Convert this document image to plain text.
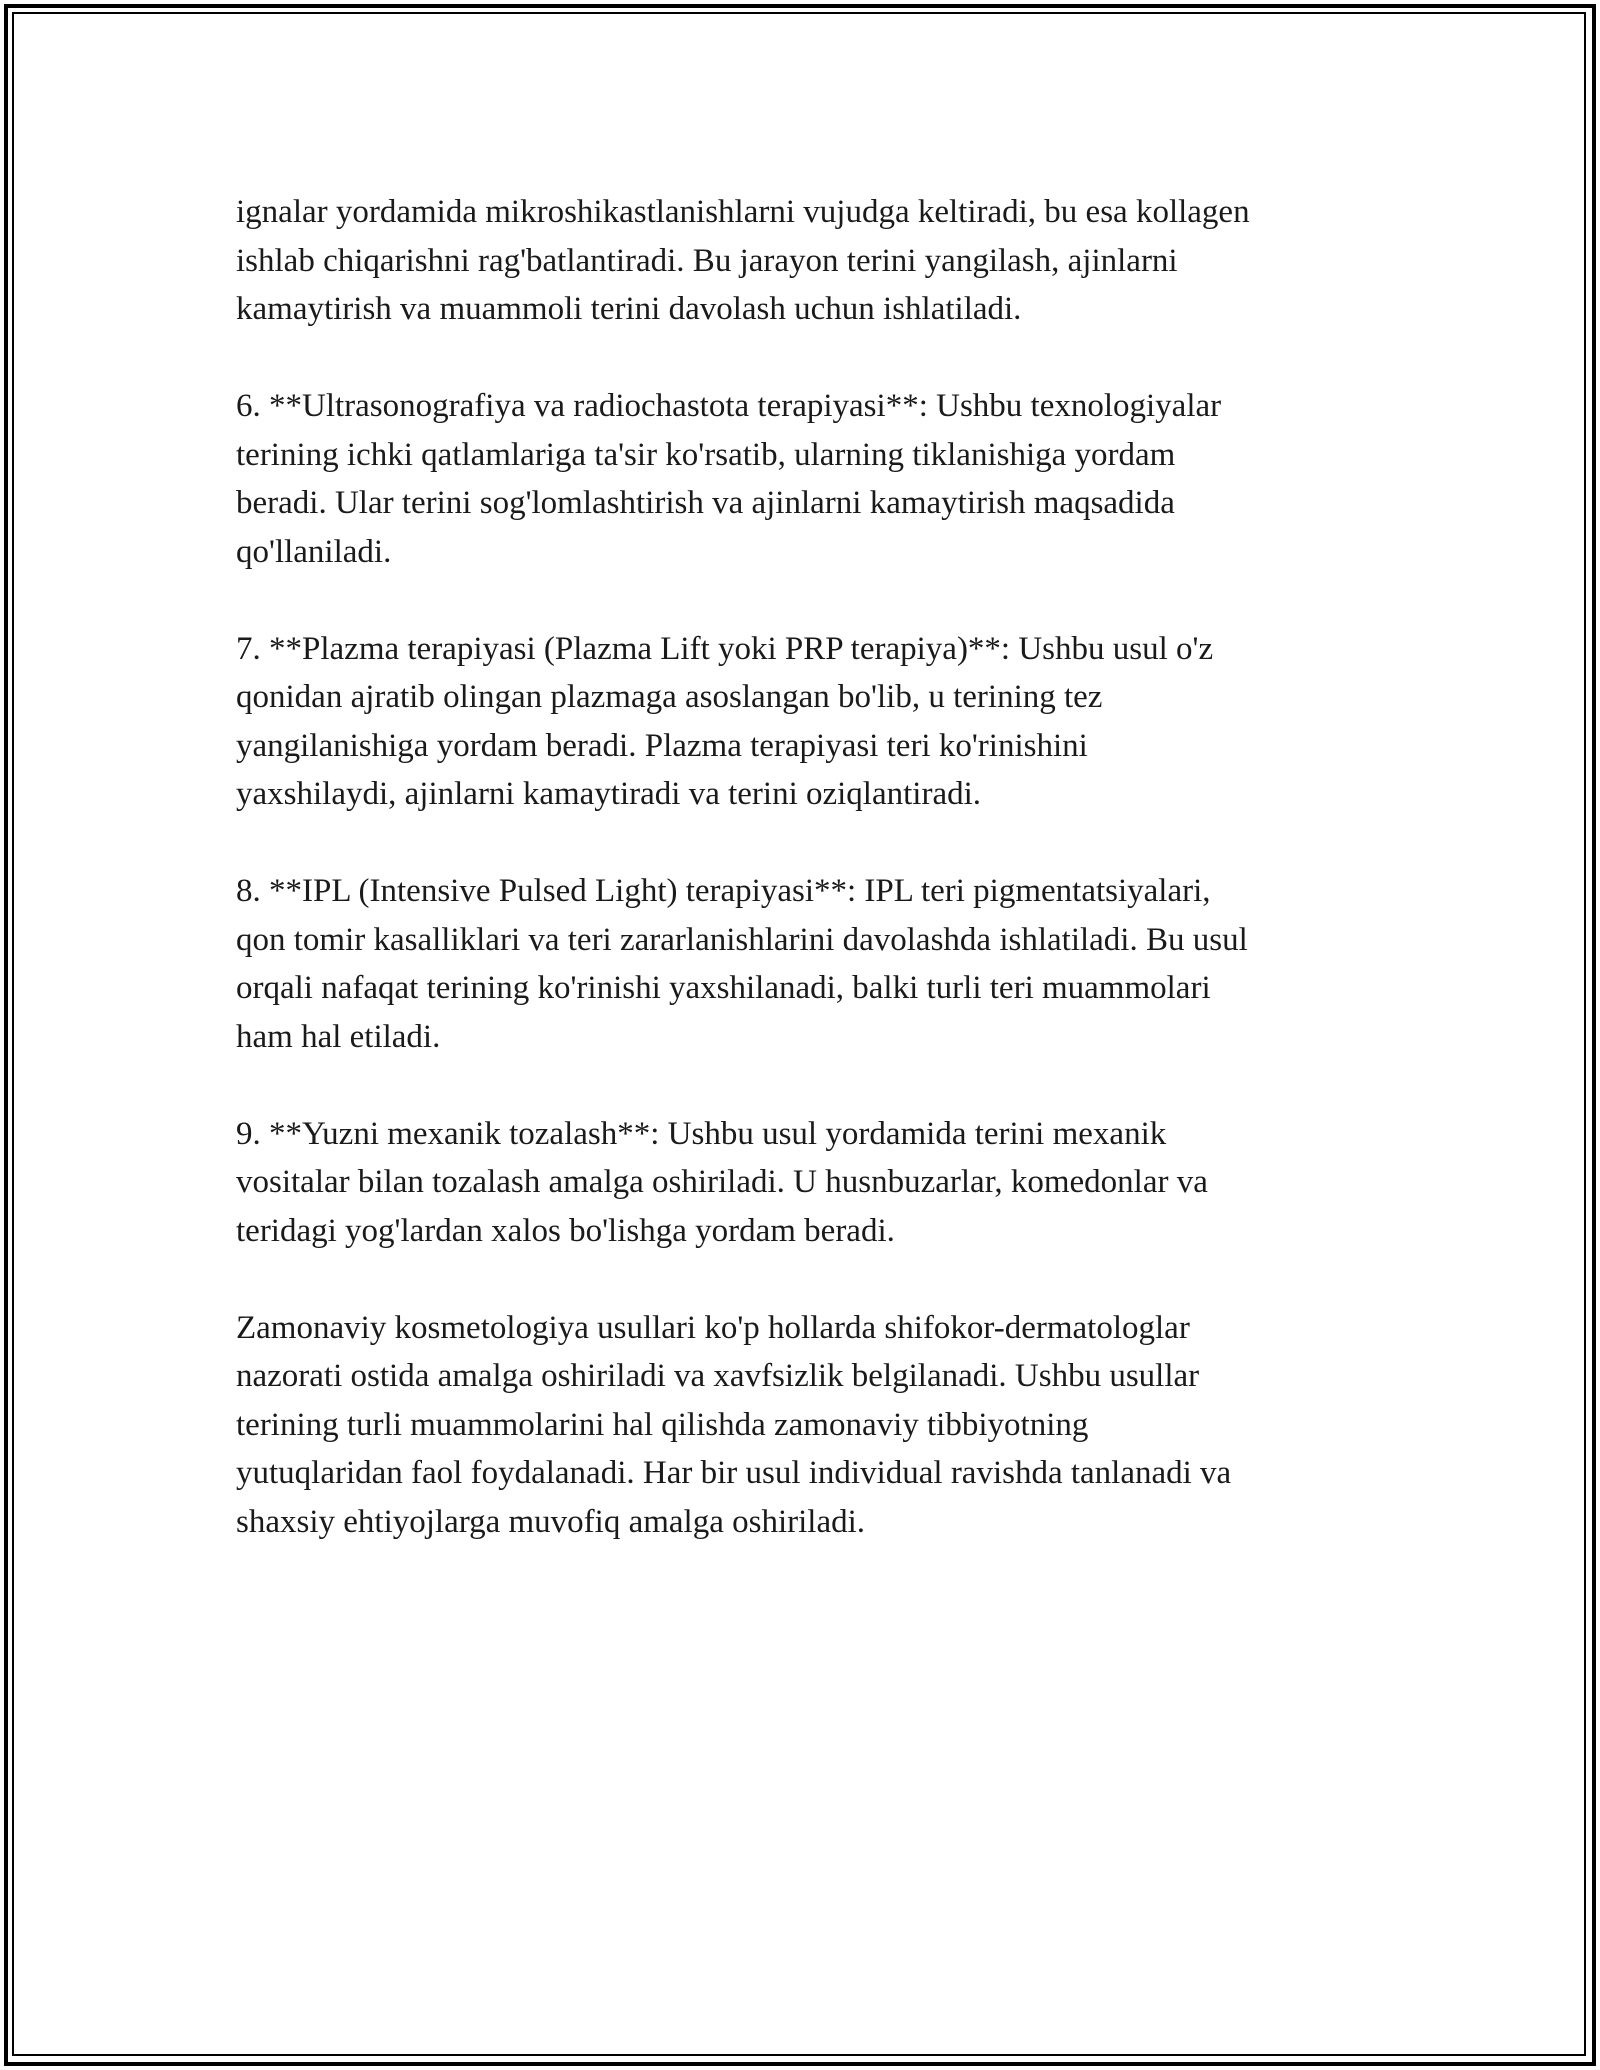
ignalar yordamida mikroshikastlanishlarni vujudga keltiradi, bu esa kollagen
ishlab chiqarishni rag'batlantiradi. Bu jarayon terini yangilash, ajinlarni
kamaytirish va muammoli terini davolash uchun ishlatiladi.

6. **Ultrasonografiya va radiochastota terapiyasi**: Ushbu texnologiyalar
terining ichki qatlamlariga ta'sir ko'rsatib, ularning tiklanishiga yordam
beradi. Ular terini sog'lomlashtirish va ajinlarni kamaytirish maqsadida
qo'llaniladi.

7. **Plazma terapiyasi (Plazma Lift yoki PRP terapiya)**: Ushbu usul o'z
qonidan ajratib olingan plazmaga asoslangan bo'lib, u terining tez
yangilanishiga yordam beradi. Plazma terapiyasi teri ko'rinishini
yaxshilaydi, ajinlarni kamaytiradi va terini oziqlantiradi.

8. **IPL (Intensive Pulsed Light) terapiyasi**: IPL teri pigmentatsiyalari,
qon tomir kasalliklari va teri zararlanishlarini davolashda ishlatiladi. Bu usul
orqali nafaqat terining ko'rinishi yaxshilanadi, balki turli teri muammolari
ham hal etiladi.

9. **Yuzni mexanik tozalash**: Ushbu usul yordamida terini mexanik
vositalar bilan tozalash amalga oshiriladi. U husnbuzarlar, komedonlar va
teridagi yog'lardan xalos bo'lishga yordam beradi.

Zamonaviy kosmetologiya usullari ko'p hollarda shifokor-dermatologlar
nazorati ostida amalga oshiriladi va xavfsizlik belgilanadi. Ushbu usullar
terining turli muammolarini hal qilishda zamonaviy tibbiyotning
yutuqlaridan faol foydalanadi. Har bir usul individual ravishda tanlanadi va
shaxsiy ehtiyojlarga muvofiq amalga oshiriladi.
